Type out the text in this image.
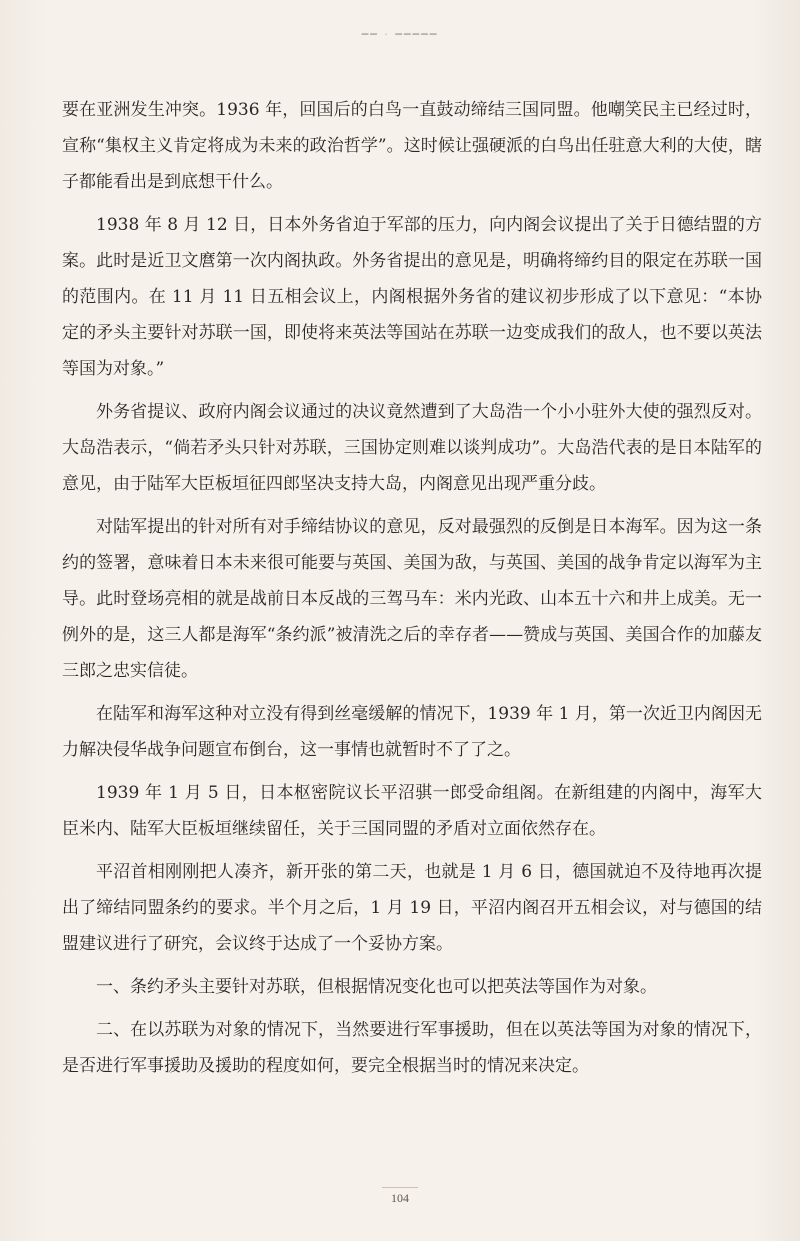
━━ · ━━━━━

要在亚洲发生冲突。1936 年，回国后的白鸟一直鼓动缔结三国同盟。他嘲笑民主已经过时，宣称“集权主义肯定将成为未来的政治哲学”。这时候让强硬派的白鸟出任驻意大利的大使，瞎子都能看出是到底想干什么。

1938 年 8 月 12 日，日本外务省迫于军部的压力，向内阁会议提出了关于日德结盟的方案。此时是近卫文麿第一次内阁执政。外务省提出的意见是，明确将缔约目的限定在苏联一国的范围内。在 11 月 11 日五相会议上，内阁根据外务省的建议初步形成了以下意见：“本协定的矛头主要针对苏联一国，即使将来英法等国站在苏联一边变成我们的敌人，也不要以英法等国为对象。”

外务省提议、政府内阁会议通过的决议竟然遭到了大岛浩一个小小驻外大使的强烈反对。大岛浩表示，“倘若矛头只针对苏联，三国协定则难以谈判成功”。大岛浩代表的是日本陆军的意见，由于陆军大臣板垣征四郎坚决支持大岛，内阁意见出现严重分歧。

对陆军提出的针对所有对手缔结协议的意见，反对最强烈的反倒是日本海军。因为这一条约的签署，意味着日本未来很可能要与英国、美国为敌，与英国、美国的战争肯定以海军为主导。此时登场亮相的就是战前日本反战的三驾马车：米内光政、山本五十六和井上成美。无一例外的是，这三人都是海军“条约派”被清洗之后的幸存者——赞成与英国、美国合作的加藤友三郎之忠实信徒。

在陆军和海军这种对立没有得到丝毫缓解的情况下，1939 年 1 月，第一次近卫内阁因无力解决侵华战争问题宣布倒台，这一事情也就暂时不了了之。

1939 年 1 月 5 日，日本枢密院议长平沼骐一郎受命组阁。在新组建的内阁中，海军大臣米内、陆军大臣板垣继续留任，关于三国同盟的矛盾对立面依然存在。

平沼首相刚刚把人凑齐，新开张的第二天，也就是 1 月 6 日，德国就迫不及待地再次提出了缔结同盟条约的要求。半个月之后，1 月 19 日，平沼内阁召开五相会议，对与德国的结盟建议进行了研究，会议终于达成了一个妥协方案。

一、条约矛头主要针对苏联，但根据情况变化也可以把英法等国作为对象。

二、在以苏联为对象的情况下，当然要进行军事援助，但在以英法等国为对象的情况下，是否进行军事援助及援助的程度如何，要完全根据当时的情况来决定。

104
